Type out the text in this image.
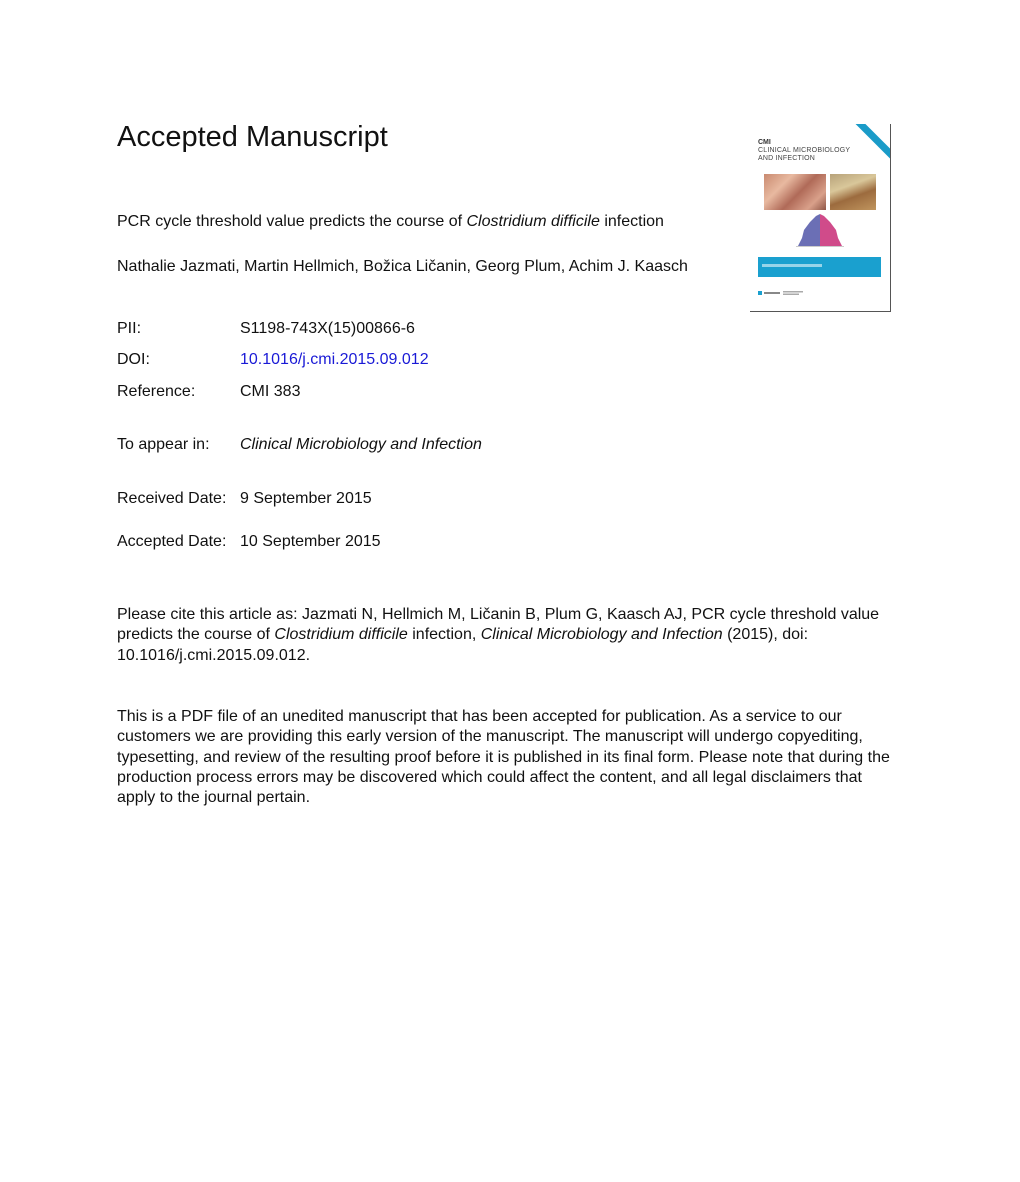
Accepted Manuscript
PCR cycle threshold value predicts the course of Clostridium difficile infection
Nathalie Jazmati, Martin Hellmich, Božica Ličanin, Georg Plum, Achim J. Kaasch
PII:	S1198-743X(15)00866-6
DOI:	10.1016/j.cmi.2015.09.012
Reference:	CMI 383
To appear in: Clinical Microbiology and Infection
Received Date: 9 September 2015
Accepted Date: 10 September 2015
Please cite this article as: Jazmati N, Hellmich M, Ličanin B, Plum G, Kaasch AJ, PCR cycle threshold value predicts the course of Clostridium difficile infection, Clinical Microbiology and Infection (2015), doi: 10.1016/j.cmi.2015.09.012.
This is a PDF file of an unedited manuscript that has been accepted for publication. As a service to our customers we are providing this early version of the manuscript. The manuscript will undergo copyediting, typesetting, and review of the resulting proof before it is published in its final form. Please note that during the production process errors may be discovered which could affect the content, and all legal disclaimers that apply to the journal pertain.
CMI
CLINICAL MICROBIOLOGY
AND INFECTION
